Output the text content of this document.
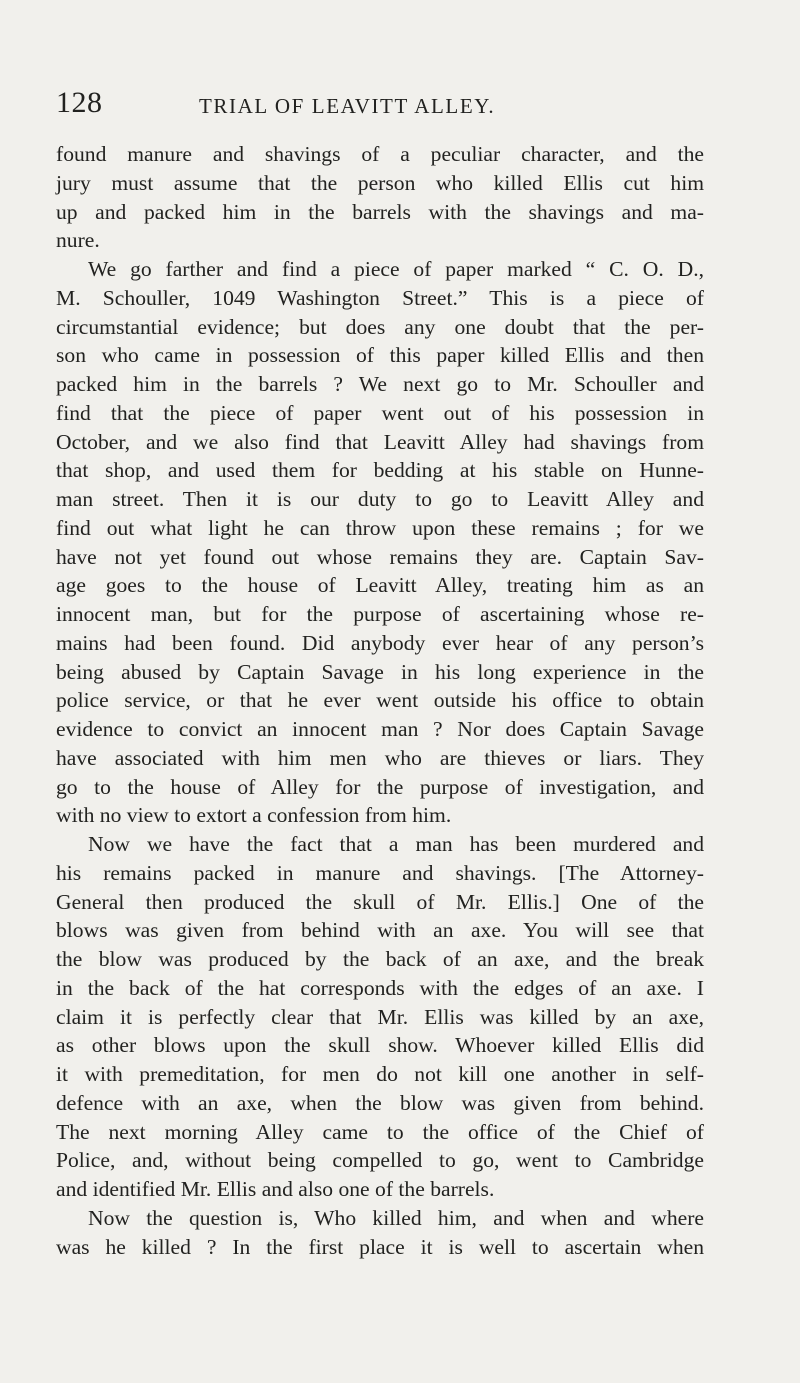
128	TRIAL OF LEAVITT ALLEY.
found manure and shavings of a peculiar character, and the
jury must assume that the person who killed Ellis cut him
up and packed him in the barrels with the shavings and ma-
nure.
We go farther and find a piece of paper marked “ C. O. D.,
M. Schouller, 1049 Washington Street.” This is a piece of
circumstantial evidence; but does any one doubt that the per-
son who came in possession of this paper killed Ellis and then
packed him in the barrels ? We next go to Mr. Schouller and
find that the piece of paper went out of his possession in
October, and we also find that Leavitt Alley had shavings from
that shop, and used them for bedding at his stable on Hunne-
man street. Then it is our duty to go to Leavitt Alley and
find out what light he can throw upon these remains ; for we
have not yet found out whose remains they are. Captain Sav-
age goes to the house of Leavitt Alley, treating him as an
innocent man, but for the purpose of ascertaining whose re-
mains had been found. Did anybody ever hear of any person’s
being abused by Captain Savage in his long experience in the
police service, or that he ever went outside his office to obtain
evidence to convict an innocent man ? Nor does Captain Savage
have associated with him men who are thieves or liars. They
go to the house of Alley for the purpose of investigation, and
with no view to extort a confession from him.
Now we have the fact that a man has been murdered and
his remains packed in manure and shavings. [The Attorney-
General then produced the skull of Mr. Ellis.] One of the
blows was given from behind with an axe. You will see that
the blow was produced by the back of an axe, and the break
in the back of the hat corresponds with the edges of an axe. I
claim it is perfectly clear that Mr. Ellis was killed by an axe,
as other blows upon the skull show. Whoever killed Ellis did
it with premeditation, for men do not kill one another in self-
defence with an axe, when the blow was given from behind.
The next morning Alley came to the office of the Chief of
Police, and, without being compelled to go, went to Cambridge
and identified Mr. Ellis and also one of the barrels.
Now the question is, Who killed him, and when and where
was he killed ? In the first place it is well to ascertain when
